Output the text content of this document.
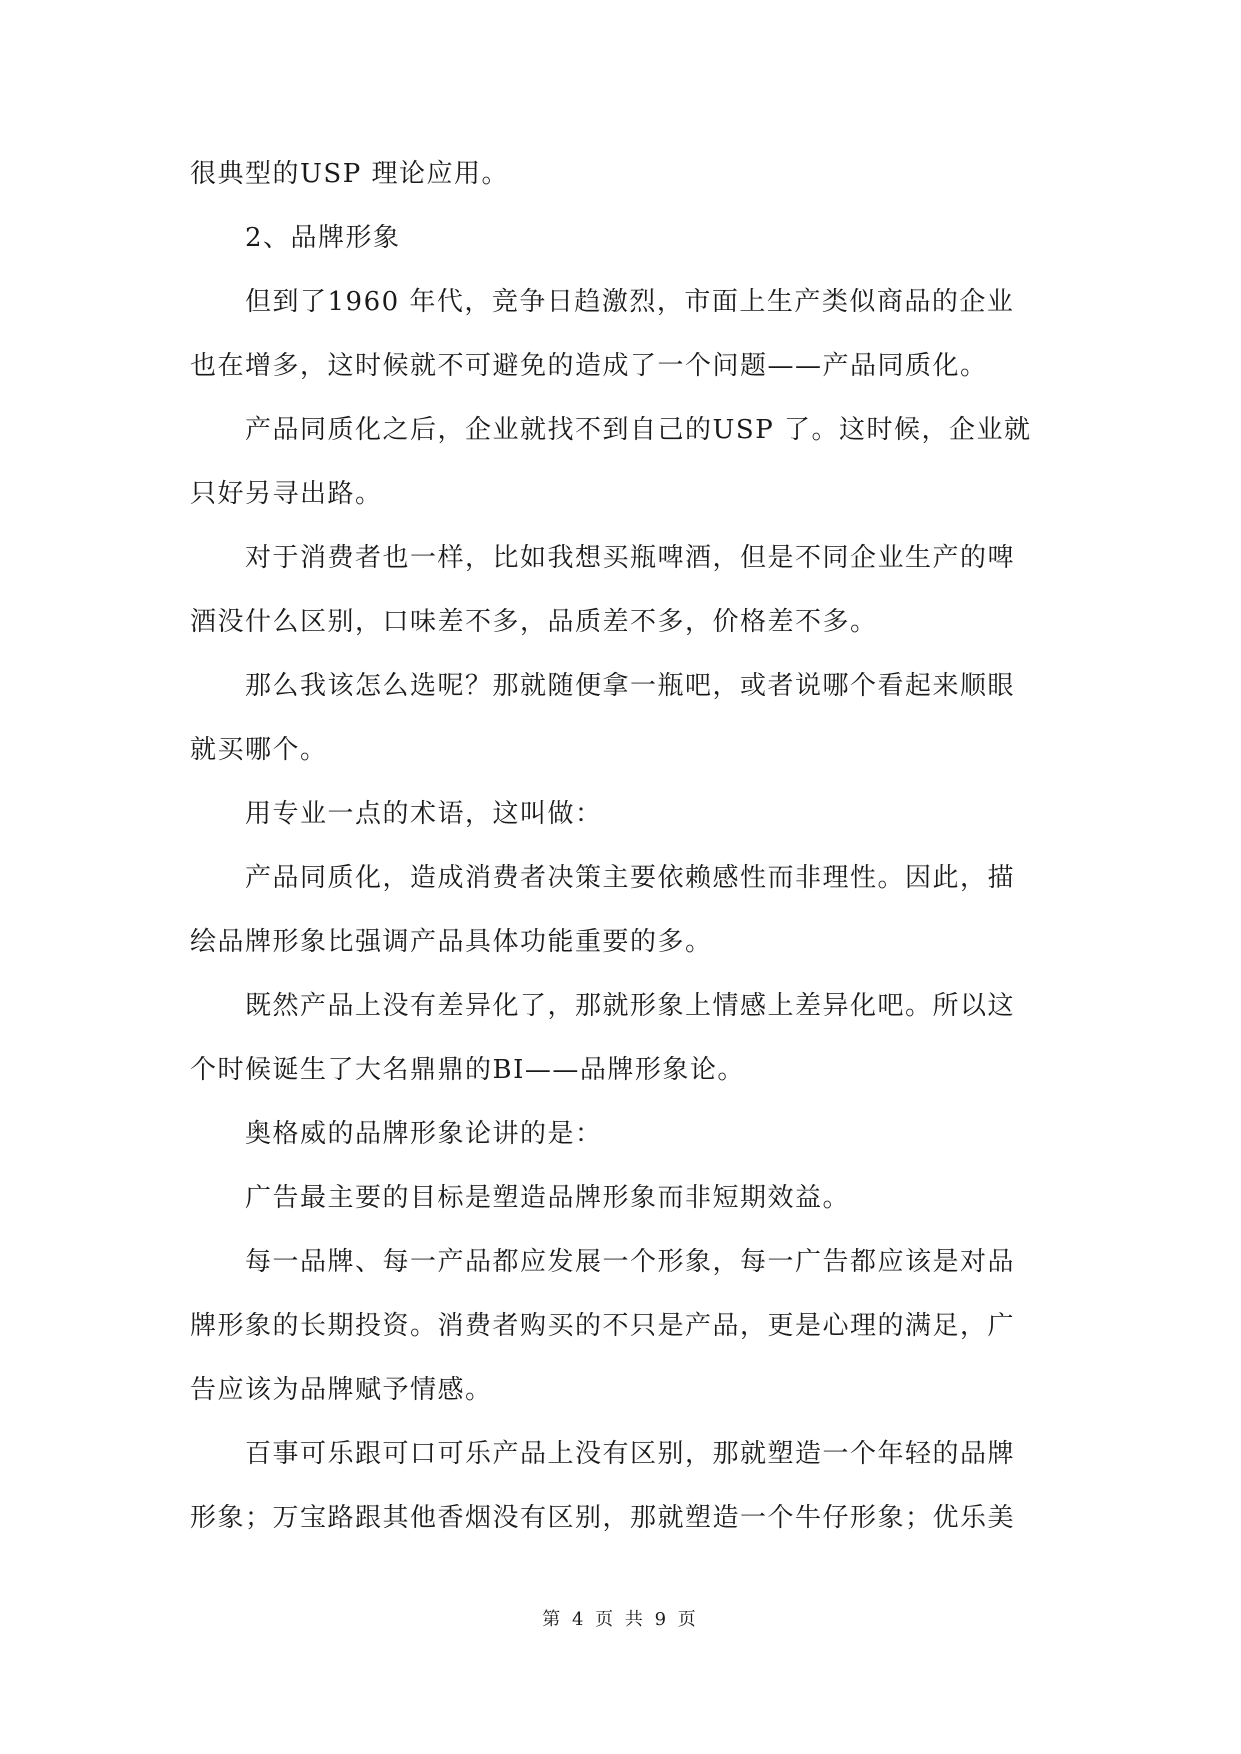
很典型的USP 理论应用。

2、品牌形象

但到了1960 年代，竞争日趋激烈，市面上生产类似商品的企业

也在增多，这时候就不可避免的造成了一个问题——产品同质化。

产品同质化之后，企业就找不到自己的USP 了。这时候，企业就

只好另寻出路。

对于消费者也一样，比如我想买瓶啤酒，但是不同企业生产的啤

酒没什么区别，口味差不多，品质差不多，价格差不多。

那么我该怎么选呢？那就随便拿一瓶吧，或者说哪个看起来顺眼

就买哪个。

用专业一点的术语，这叫做：

产品同质化，造成消费者决策主要依赖感性而非理性。因此，描

绘品牌形象比强调产品具体功能重要的多。

既然产品上没有差异化了，那就形象上情感上差异化吧。所以这

个时候诞生了大名鼎鼎的BI——品牌形象论。

奥格威的品牌形象论讲的是：

广告最主要的目标是塑造品牌形象而非短期效益。

每一品牌、每一产品都应发展一个形象，每一广告都应该是对品

牌形象的长期投资。消费者购买的不只是产品，更是心理的满足，广

告应该为品牌赋予情感。

百事可乐跟可口可乐产品上没有区别，那就塑造一个年轻的品牌

形象；万宝路跟其他香烟没有区别，那就塑造一个牛仔形象；优乐美

第 4 页 共 9 页
